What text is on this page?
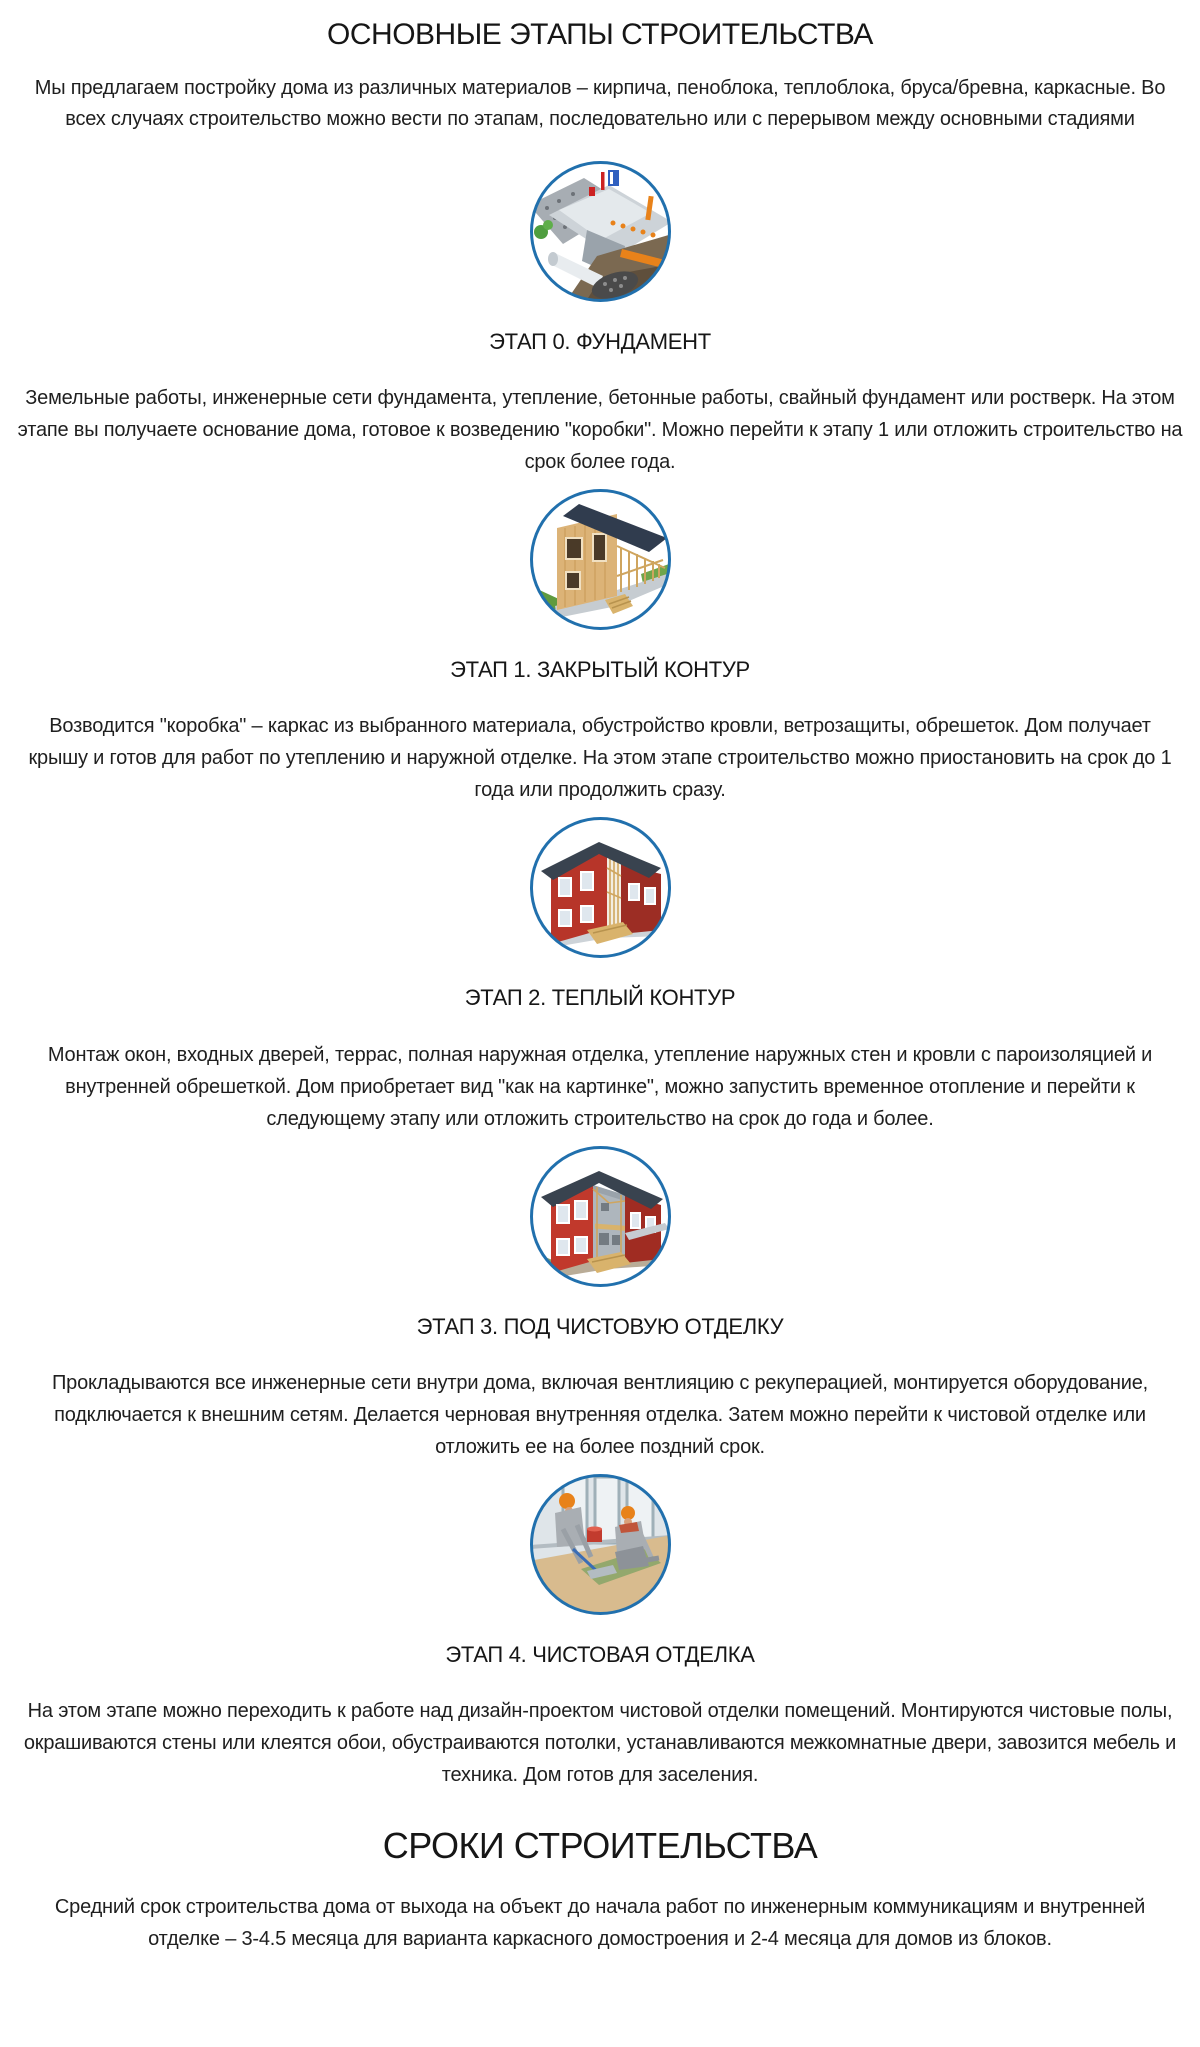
ОСНОВНЫЕ ЭТАПЫ СТРОИТЕЛЬСТВА

Мы предлагаем постройку дома из различных материалов – кирпича, пеноблока, теплоблока, бруса/бревна, каркасные. Во всех случаях строительство можно вести по этапам, последовательно или с перерывом между основными стадиями

ЭТАП 0. ФУНДАМЕНТ

Земельные работы, инженерные сети фундамента, утепление, бетонные работы, свайный фундамент или ростверк. На этом этапе вы получаете основание дома, готовое к возведению "коробки". Можно перейти к этапу 1 или отложить строительство на срок более года.

ЭТАП 1. ЗАКРЫТЫЙ КОНТУР

Возводится "коробка" – каркас из выбранного материала, обустройство кровли, ветрозащиты, обрешеток. Дом получает крышу и готов для работ по утеплению и наружной отделке. На этом этапе строительство можно приостановить на срок до 1 года или продолжить сразу.

ЭТАП 2. ТЕПЛЫЙ КОНТУР

Монтаж окон, входных дверей, террас, полная наружная отделка, утепление наружных стен и кровли с пароизоляцией и внутренней обрешеткой. Дом приобретает вид "как на картинке", можно запустить временное отопление и перейти к следующему этапу или отложить строительство на срок до года и более.

ЭТАП 3. ПОД ЧИСТОВУЮ ОТДЕЛКУ

Прокладываются все инженерные сети внутри дома, включая вентлияцию с рекуперацией, монтируется оборудование, подключается к внешним сетям. Делается черновая внутренняя отделка. Затем можно перейти к чистовой отделке или отложить ее на более поздний срок.

ЭТАП 4. ЧИСТОВАЯ ОТДЕЛКА

На этом этапе можно переходить к работе над дизайн-проектом чистовой отделки помещений. Монтируются чистовые полы, окрашиваются стены или клеятся обои, обустраиваются потолки, устанавливаются межкомнатные двери, завозится мебель и техника. Дом готов для заселения.

СРОКИ СТРОИТЕЛЬСТВА

Средний срок строительства дома от выхода на объект до начала работ по инженерным коммуникациям и внутренней отделке – 3-4.5 месяца для варианта каркасного домостроения и 2-4 месяца для домов из блоков.
